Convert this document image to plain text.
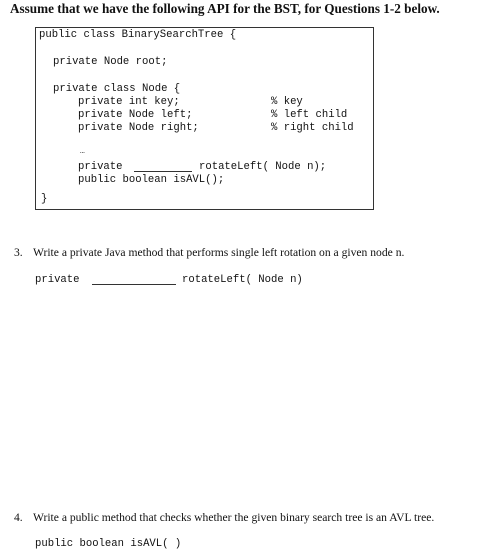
Assume that we have the following API for the BST, for Questions 1-2 below.
public class BinarySearchTree {
private Node root;
private class Node {
private int key;
private Node left;
private Node right;
% key
% left child
% right child
…
private	rotateLeft( Node n);
public boolean isAVL();
}
3. Write a private Java method that performs single left rotation on a given node n.
private	rotateLeft( Node n)
4. Write a public method that checks whether the given binary search tree is an AVL tree.
public boolean isAVL( )
